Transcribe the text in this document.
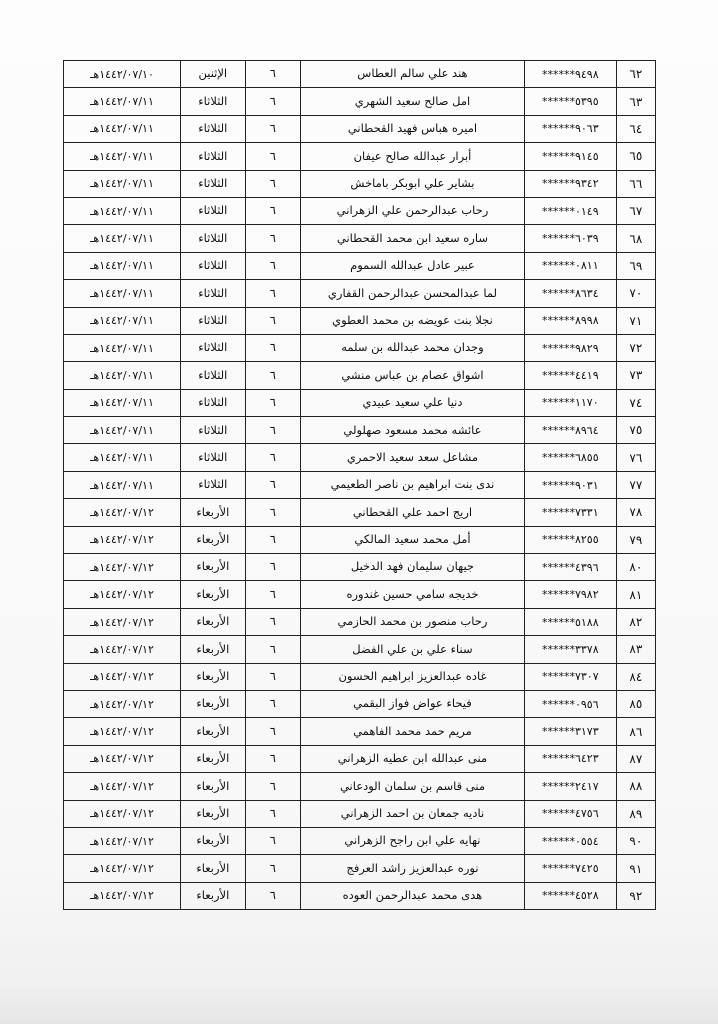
٦٢	******٩٤٩٨	هند علي سالم العطاس	٦	الإثنين	١٤٤٢/٠٧/١٠هـ
٦٣	******٥٣٩٥	امل صالح سعيد الشهري	٦	الثلاثاء	١٤٤٢/٠٧/١١هـ
٦٤	******٩٠٦٣	اميره هباس فهيد القحطاني	٦	الثلاثاء	١٤٤٢/٠٧/١١هـ
٦٥	******٩١٤٥	أبرار عبدالله صالح عيفان	٦	الثلاثاء	١٤٤٢/٠٧/١١هـ
٦٦	******٩٣٤٢	بشاير علي ابوبكر باماخش	٦	الثلاثاء	١٤٤٢/٠٧/١١هـ
٦٧	******٠١٤٩	رحاب عبدالرحمن علي الزهراني	٦	الثلاثاء	١٤٤٢/٠٧/١١هـ
٦٨	******٦٠٣٩	ساره سعيد ابن محمد القحطاني	٦	الثلاثاء	١٤٤٢/٠٧/١١هـ
٦٩	******٠٨١١	عبير عادل عبدالله السموم	٦	الثلاثاء	١٤٤٢/٠٧/١١هـ
٧٠	******٨٦٣٤	لما عبدالمحسن عبدالرحمن القفاري	٦	الثلاثاء	١٤٤٢/٠٧/١١هـ
٧١	******٨٩٩٨	نجلا بنت عويضه بن محمد العطوي	٦	الثلاثاء	١٤٤٢/٠٧/١١هـ
٧٢	******٩٨٢٩	وجدان محمد عبدالله بن سلمه	٦	الثلاثاء	١٤٤٢/٠٧/١١هـ
٧٣	******٤٤١٩	اشواق عصام بن عباس منشي	٦	الثلاثاء	١٤٤٢/٠٧/١١هـ
٧٤	******١١٧٠	دنيا علي سعيد عبيدي	٦	الثلاثاء	١٤٤٢/٠٧/١١هـ
٧٥	******٨٩٦٤	عائشه محمد مسعود صهلولي	٦	الثلاثاء	١٤٤٢/٠٧/١١هـ
٧٦	******٦٨٥٥	مشاعل سعد سعيد الاحمري	٦	الثلاثاء	١٤٤٢/٠٧/١١هـ
٧٧	******٩٠٣١	ندى بنت ابراهيم بن ناصر الطعيمي	٦	الثلاثاء	١٤٤٢/٠٧/١١هـ
٧٨	******٧٣٣١	اريج احمد علي القحطاني	٦	الأربعاء	١٤٤٢/٠٧/١٢هـ
٧٩	******٨٢٥٥	أمل محمد سعيد المالكي	٦	الأربعاء	١٤٤٢/٠٧/١٢هـ
٨٠	******٤٣٩٦	جيهان سليمان فهد الدخيل	٦	الأربعاء	١٤٤٢/٠٧/١٢هـ
٨١	******٧٩٨٢	خديجه سامي حسين غندوره	٦	الأربعاء	١٤٤٢/٠٧/١٢هـ
٨٢	******٥١٨٨	رحاب منصور بن محمد الحازمي	٦	الأربعاء	١٤٤٢/٠٧/١٢هـ
٨٣	******٣٣٧٨	سناء علي بن علي الفضل	٦	الأربعاء	١٤٤٢/٠٧/١٢هـ
٨٤	******٧٣٠٧	غاده عبدالعزيز ابراهيم الحسون	٦	الأربعاء	١٤٤٢/٠٧/١٢هـ
٨٥	******٠٩٥٦	فيحاء عواض فواز البقمي	٦	الأربعاء	١٤٤٢/٠٧/١٢هـ
٨٦	******٣١٧٣	مريم حمد محمد الفاهمي	٦	الأربعاء	١٤٤٢/٠٧/١٢هـ
٨٧	******٦٤٢٣	منى عبدالله ابن عطيه الزهراني	٦	الأربعاء	١٤٤٢/٠٧/١٢هـ
٨٨	******٢٤١٧	منى قاسم بن سلمان الودعاني	٦	الأربعاء	١٤٤٢/٠٧/١٢هـ
٨٩	******٤٧٥٦	ناديه جمعان بن احمد الزهراني	٦	الأربعاء	١٤٤٢/٠٧/١٢هـ
٩٠	******٠٥٥٤	نهايه علي ابن راجح الزهراني	٦	الأربعاء	١٤٤٢/٠٧/١٢هـ
٩١	******٧٤٢٥	نوره عبدالعزيز راشد العرفج	٦	الأربعاء	١٤٤٢/٠٧/١٢هـ
٩٢	******٤٥٢٨	هدى محمد عبدالرحمن العوده	٦	الأربعاء	١٤٤٢/٠٧/١٢هـ
